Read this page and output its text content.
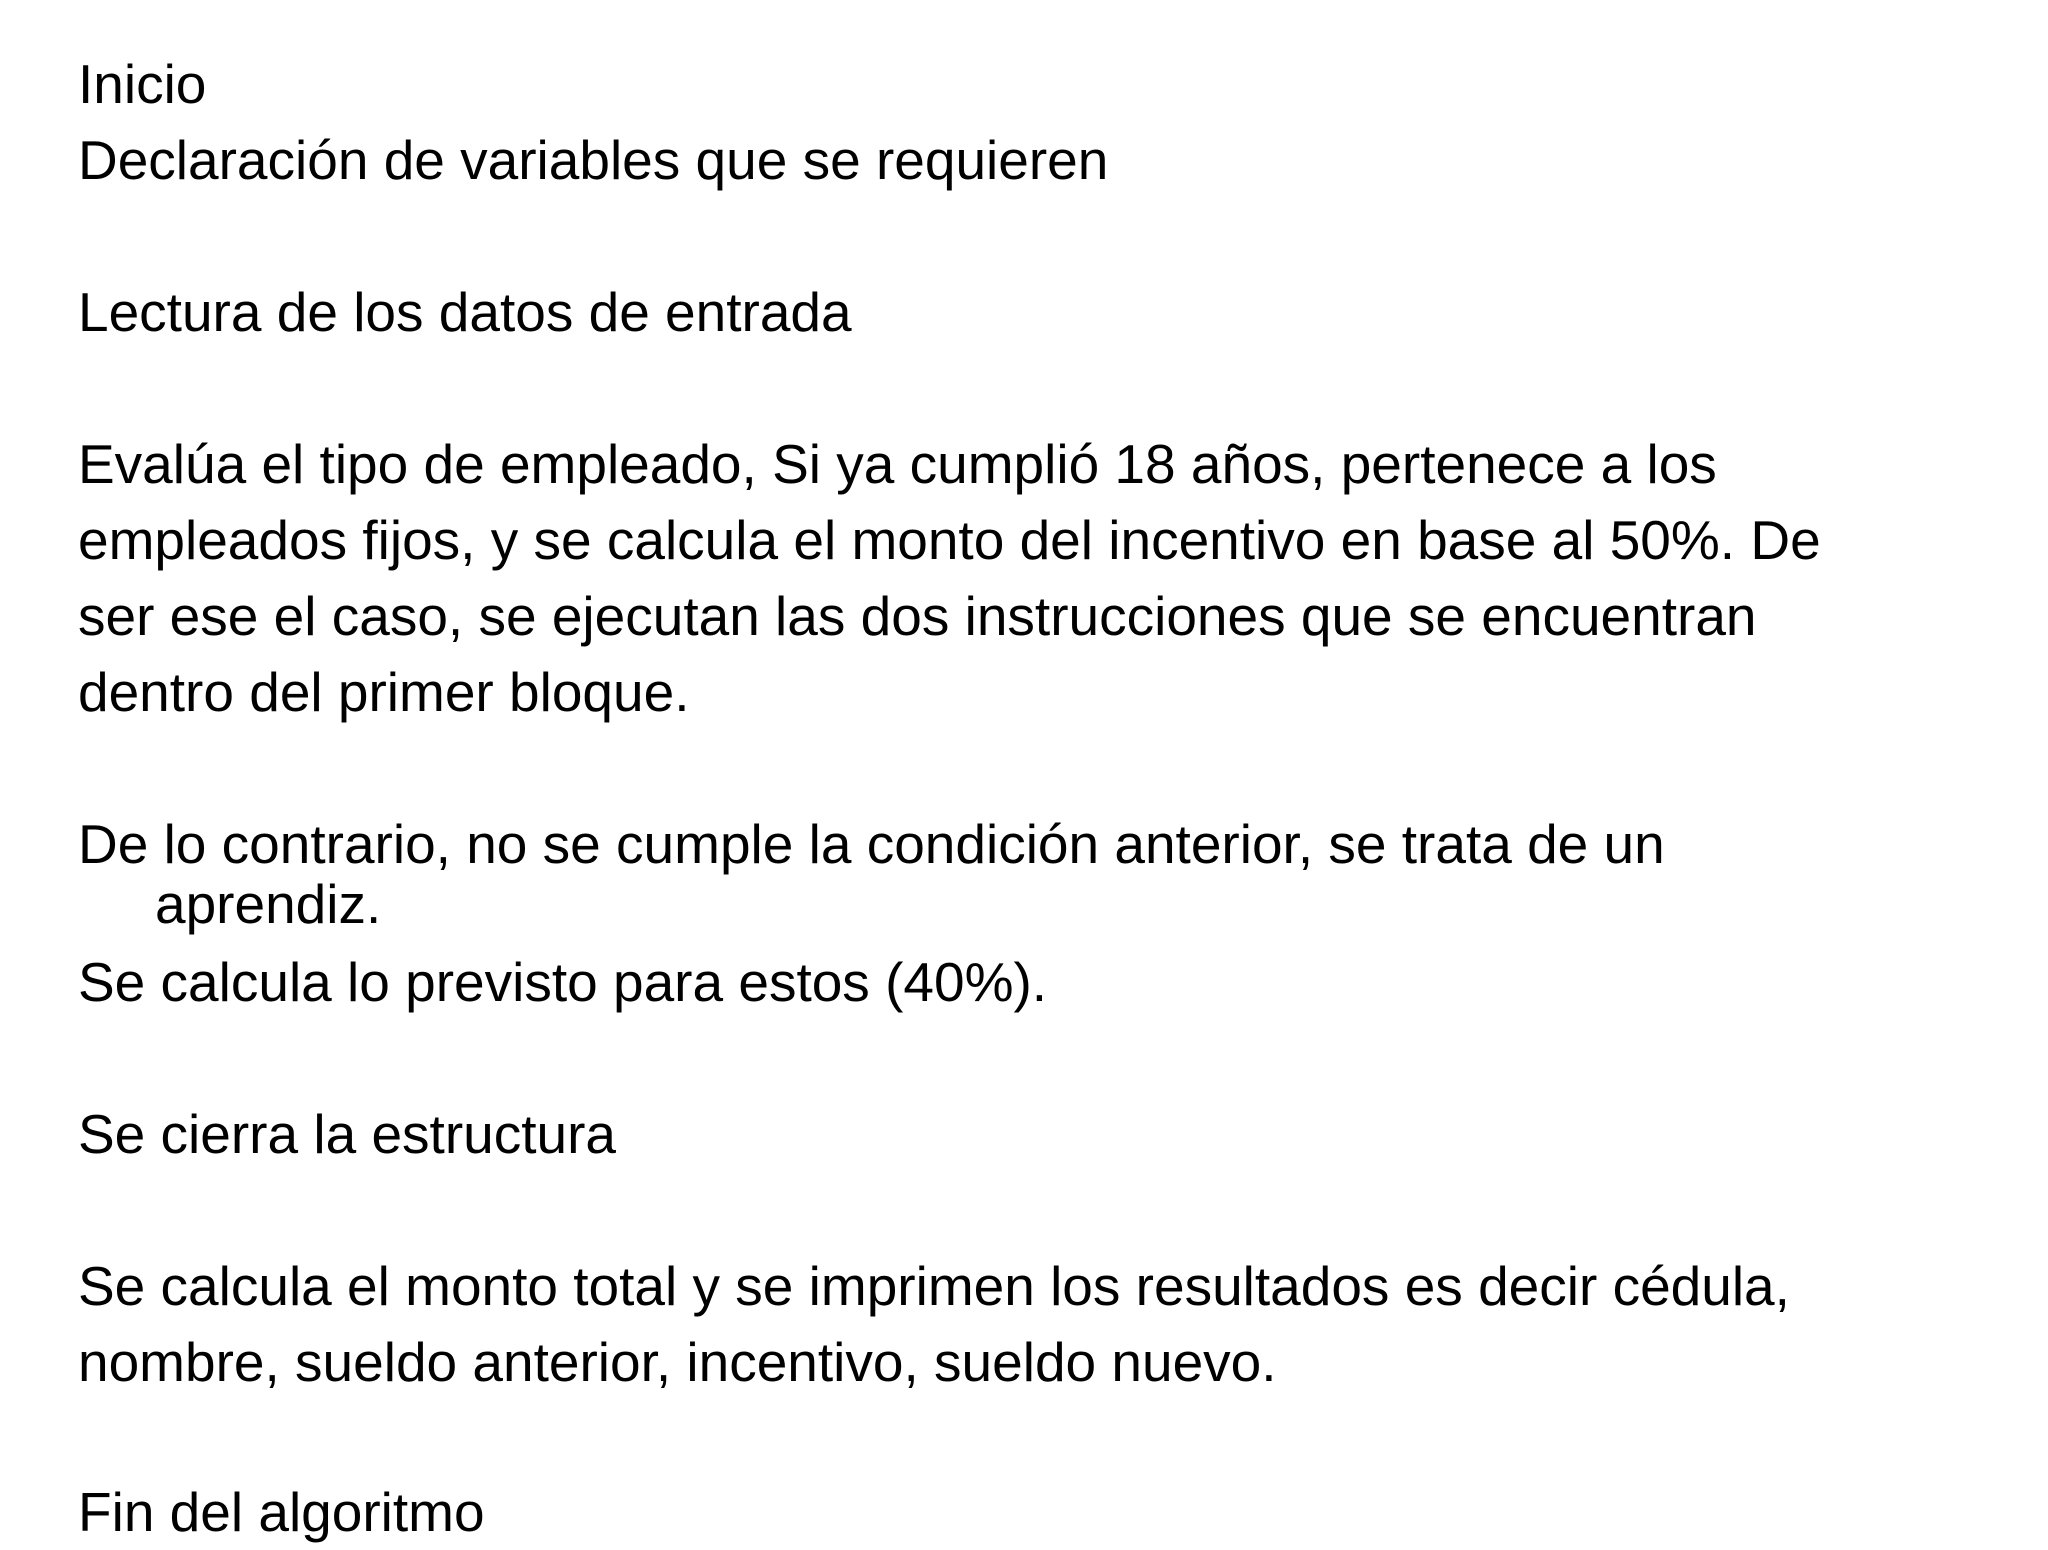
Inicio
Declaración de variables que se requieren
Lectura de los datos de entrada
Evalúa el tipo de empleado, Si ya cumplió 18 años, pertenece a los
empleados fijos, y se calcula el monto del incentivo en base al 50%. De
ser ese el caso, se ejecutan las dos instrucciones que se encuentran
dentro del primer bloque.
De lo contrario, no se cumple la condición anterior, se trata de un
aprendiz.
Se calcula lo previsto para estos (40%).
Se cierra la estructura
Se calcula el monto total y se imprimen los resultados es decir cédula,
nombre, sueldo anterior, incentivo, sueldo nuevo.
Fin del algoritmo
